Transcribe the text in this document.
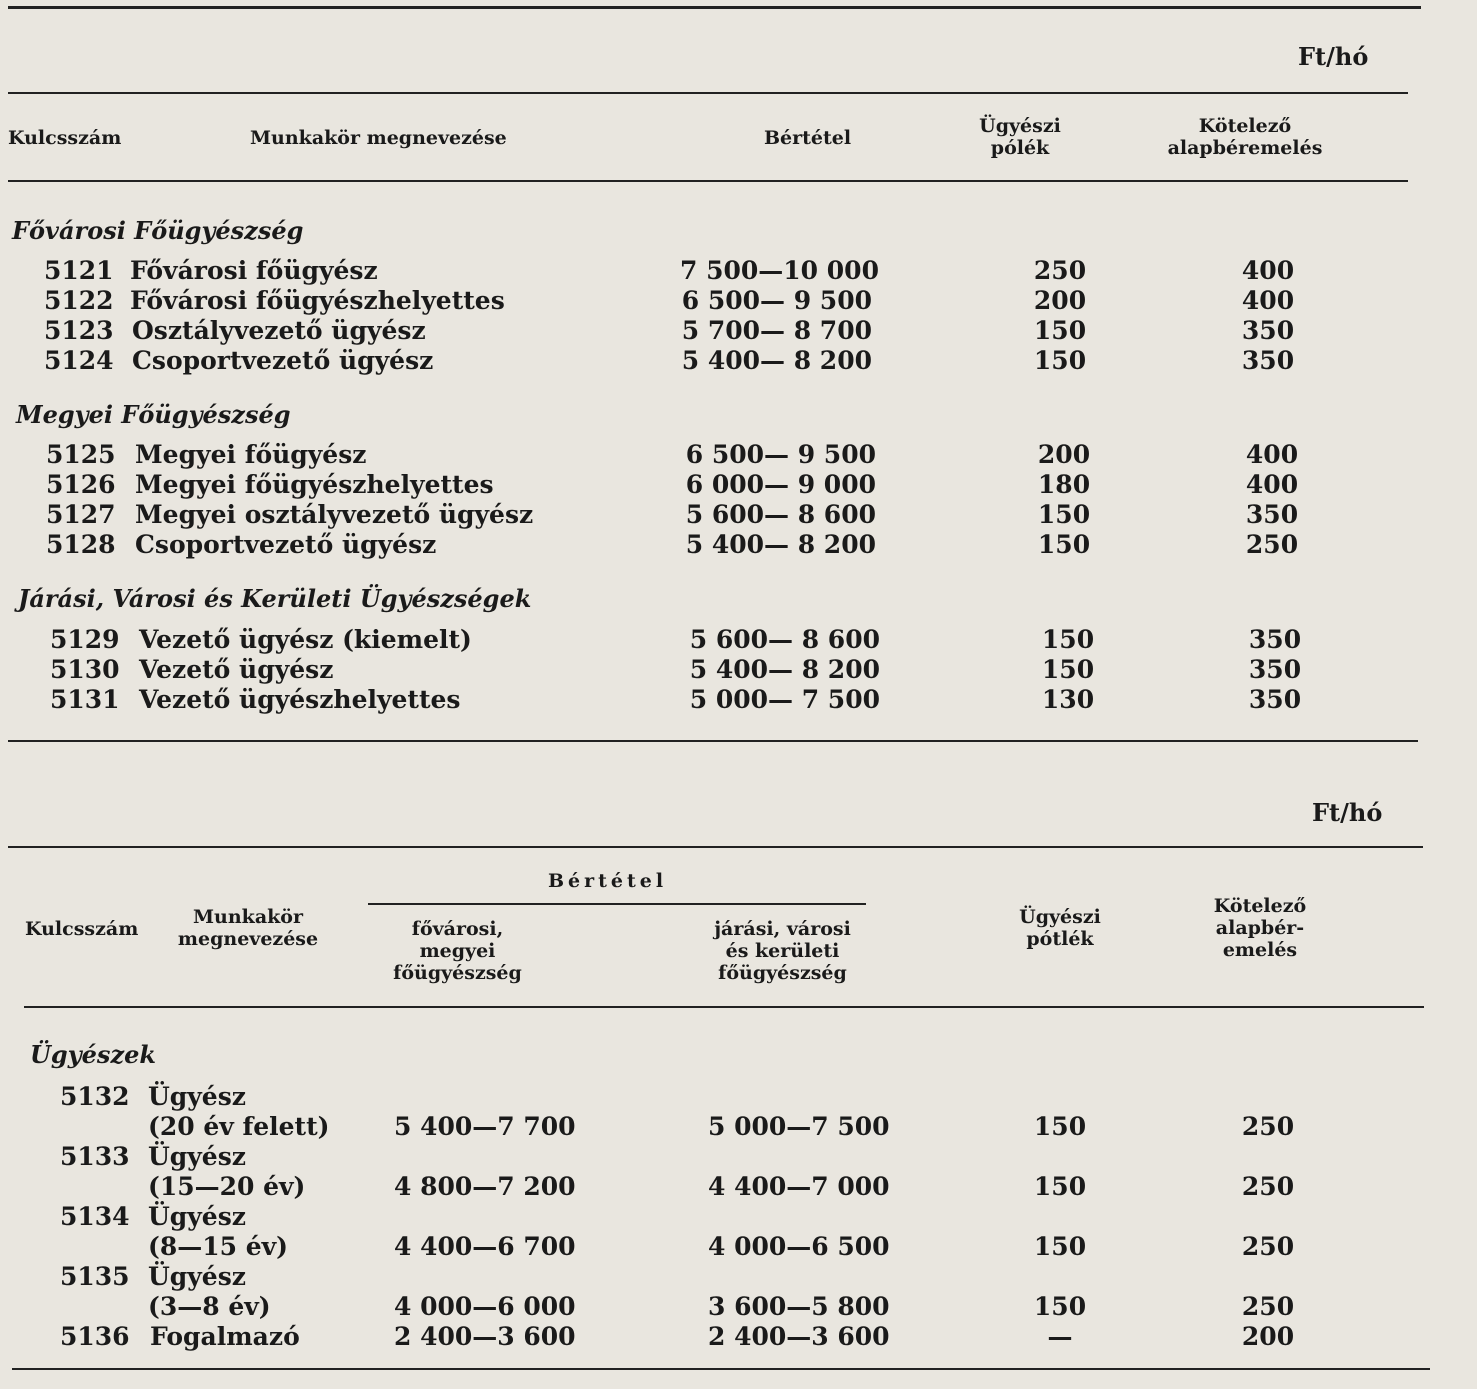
Ft/hó
Kulcsszám	Munkakör megnevezése	Bértétel
Ügyészi
pólék
Kötelező
alapbéremelés
Fővárosi Főügyészség
5121 Fővárosi főügyész	7 500—10 000	250	400
5122 Fővárosi főügyészhelyettes	6 500— 9 500	200	400
5123 Osztályvezető ügyész	5 700— 8 700	150	350
5124 Csoportvezető ügyész	5 400— 8 200	150	350
Megyei Főügyészség
5125 Megyei főügyész	6 500— 9 500	200	400
5126 Megyei főügyészhelyettes	6 000— 9 000	180	400
5127 Megyei osztályvezető ügyész	5 600— 8 600	150	350
5128 Csoportvezető ügyész	5 400— 8 200	150	250
Járási, Városi és Kerületi Ügyészségek
5129 Vezető ügyész (kiemelt)	5 600— 8 600	150	350
5130 Vezető ügyész	5 400— 8 200	150	350
5131 Vezető ügyészhelyettes	5 000— 7 500	130	350
Ft/hó
Bértétel
Kulcsszám
Munkakör
megnevezése	fővárosi,
megyei
főügyészség
járási, városi
és kerületi
főügyészség
Ügyészi
pótlék
Kötelező
alapbér-
emelés
Ügyészek
5132 Ügyész
(20 év felett)	5 400—7 700	5 000—7 500	150	250
5133 Ügyész
(15—20 év)	4 800—7 200	4 400—7 000	150	250
5134 Ügyész
(8—15 év)	4 400—6 700	4 000—6 500	150	250
5135 Ügyész
(3—8 év)	4 000—6 000	3 600—5 800	150	250
5136 Fogalmazó	2 400—3 600	2 400—3 600	—	200
